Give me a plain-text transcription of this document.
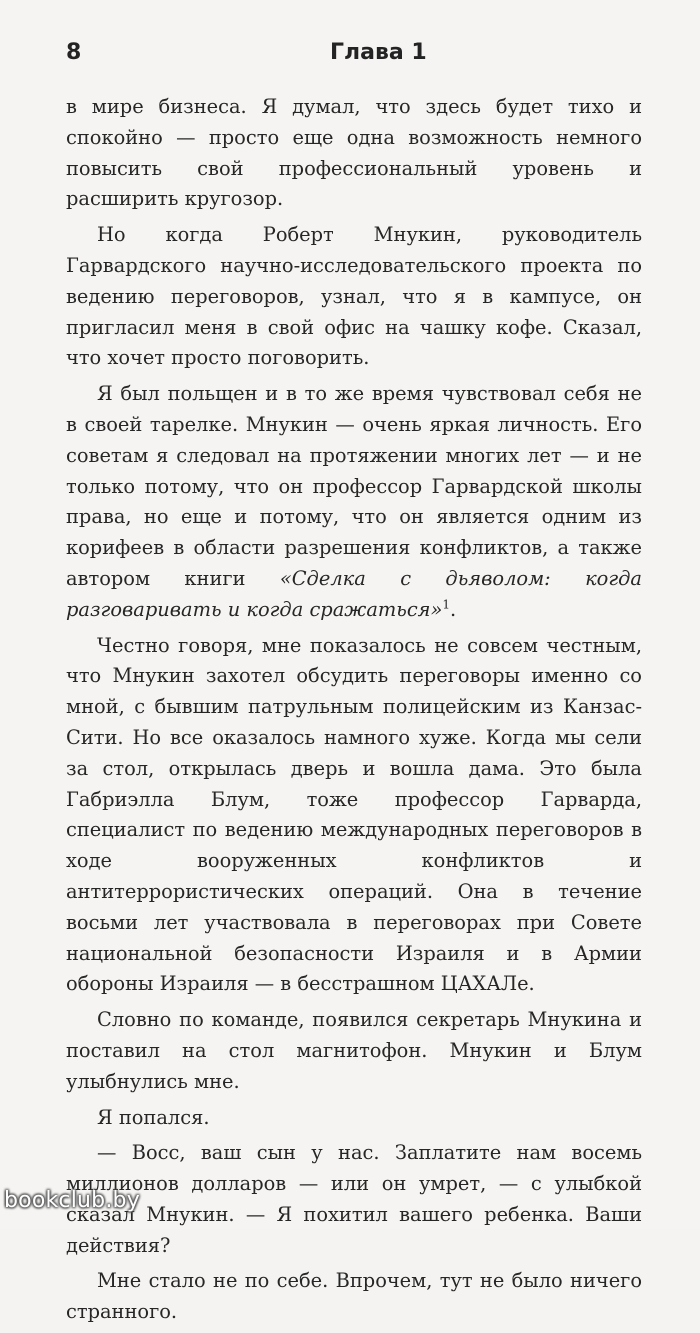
8	Глава 1

в мире бизнеса. Я думал, что здесь будет тихо и спокойно — просто еще одна возможность немного повысить свой профессиональный уровень и расширить кругозор.

Но когда Роберт Мнукин, руководитель Гарвардского научно-исследовательского проекта по ведению переговоров, узнал, что я в кампусе, он пригласил меня в свой офис на чашку кофе. Сказал, что хочет просто поговорить.

Я был польщен и в то же время чувствовал себя не в своей тарелке. Мнукин — очень яркая личность. Его советам я следовал на протяжении многих лет — и не только потому, что он профессор Гарвардской школы права, но еще и потому, что он является одним из корифеев в области разрешения конфликтов, а также автором книги «Сделка с дьяволом: когда разговаривать и когда сражаться»$^1$.

Честно говоря, мне показалось не совсем честным, что Мнукин захотел обсудить переговоры именно со мной, с бывшим патрульным полицейским из Канзас-Сити. Но все оказалось намного хуже. Когда мы сели за стол, открылась дверь и вошла дама. Это была Габриэлла Блум, тоже профессор Гарварда, специалист по ведению международных переговоров в ходе вооруженных конфликтов и антитеррористических операций. Она в течение восьми лет участвовала в переговорах при Совете национальной безопасности Израиля и в Армии обороны Израиля — в бесстрашном ЦАХАЛе.

Словно по команде, появился секретарь Мнукина и поставил на стол магнитофон. Мнукин и Блум улыбнулись мне.

Я попался.

— Восс, ваш сын у нас. Заплатите нам восемь миллионов долларов — или он умрет, — с улыбкой сказал Мнукин. — Я похитил вашего ребенка. Ваши действия?

Мне стало не по себе. Впрочем, тут не было ничего странного.

bookclub.by
